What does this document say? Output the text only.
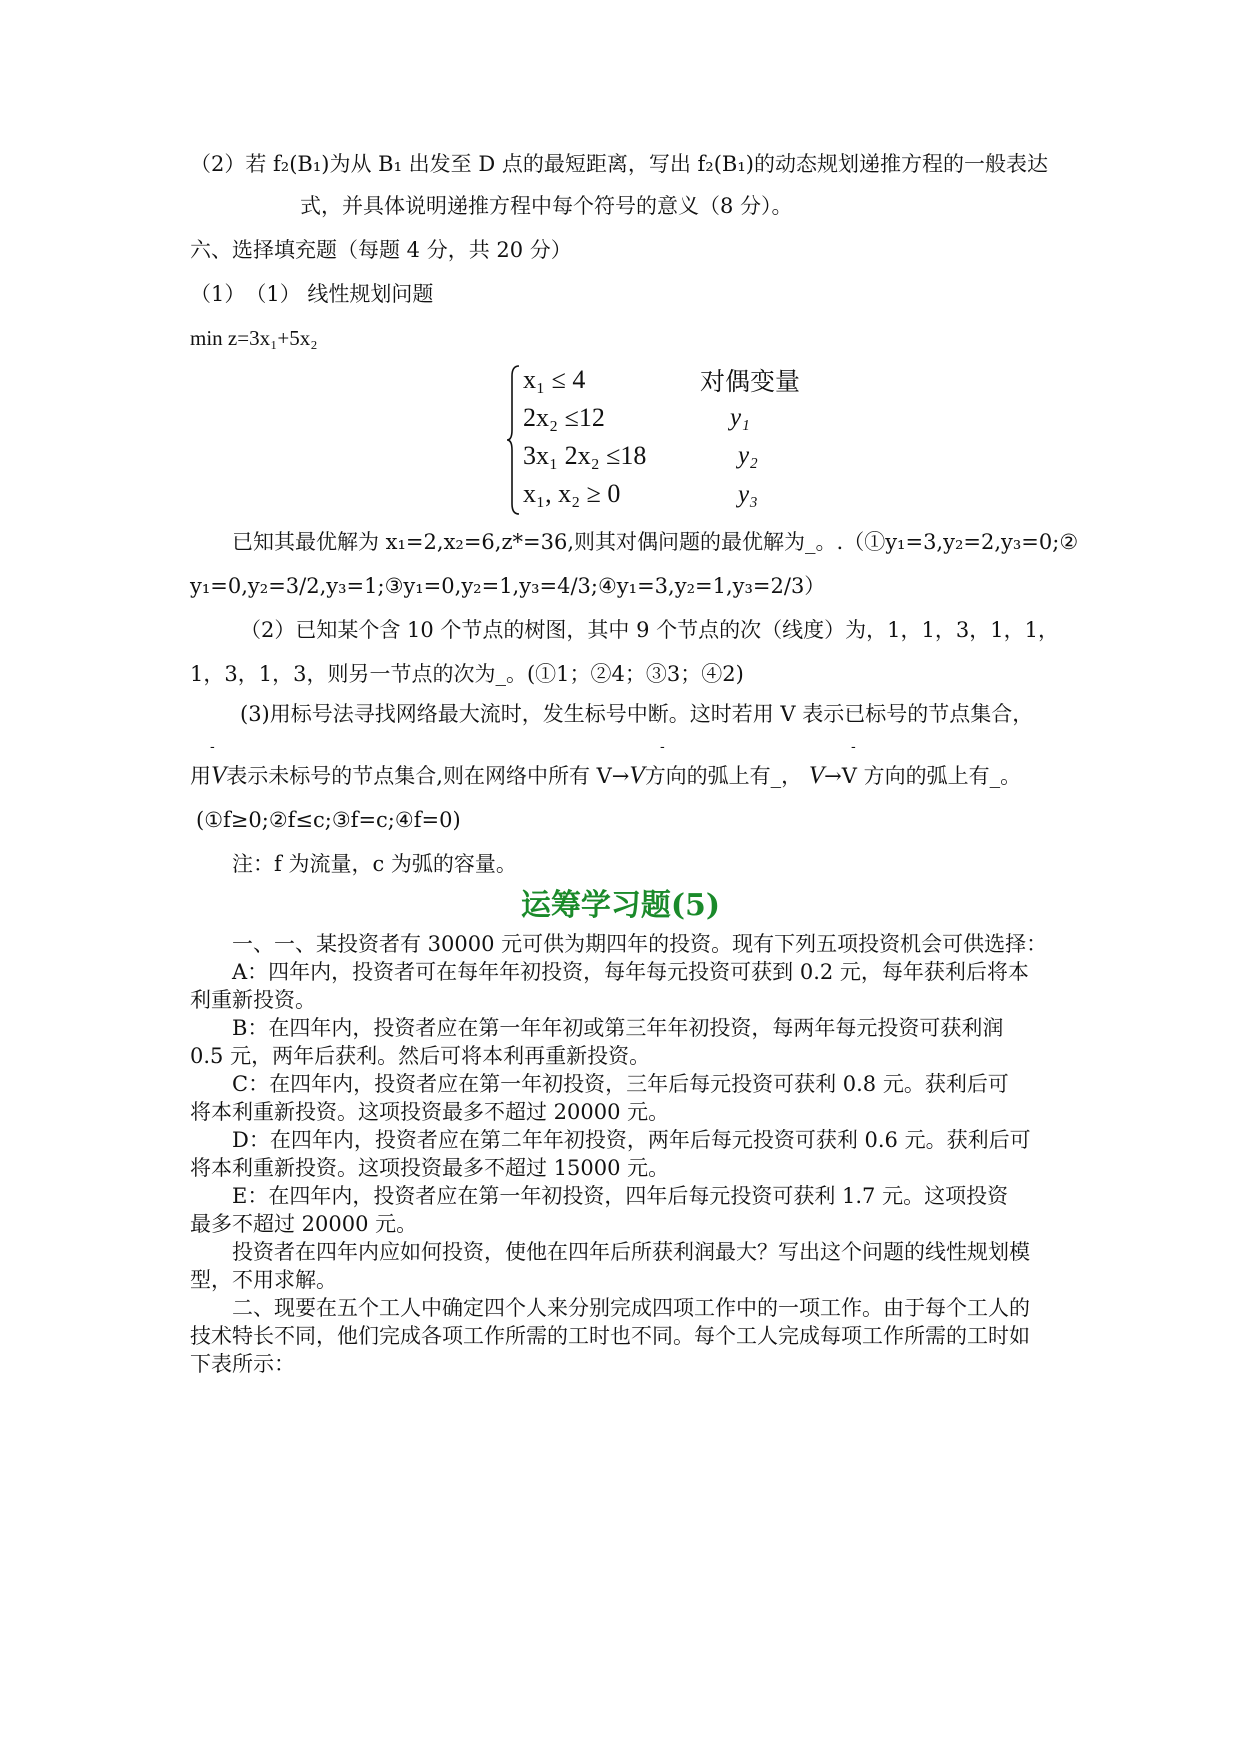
（2）若 f₂(B₁)为从 B₁ 出发至 D 点的最短距离，写出 f₂(B₁)的动态规划递推方程的一般表达
式，并具体说明递推方程中每个符号的意义（8 分）。
六、选择填充题（每题 4 分，共 20 分）
（1）　（1） 线性规划问题
min z=3x₁+5x₂
x₁ ≤ 4
2x₂ ≤12
3x₁ 2x₂ ≤18
x₁, x₂ ≥ 0
对偶变量
y₁
y₂
y₃
已知其最优解为 x₁=2,x₂=6,z*=36,则其对偶问题的最优解为_。.（①y₁=3,y₂=2,y₃=0;②
y₁=0,y₂=3/2,y₃=1;③y₁=0,y₂=1,y₃=4/3;④y₁=3,y₂=1,y₃=2/3）
（2）已知某个含 10 个节点的树图，其中 9 个节点的次（线度）为，1，1，3，1，1，
1，3，1，3，则另一节点的次为_。(①1；②4；③3；④2)
(3)用标号法寻找网络最大流时，发生标号中断。这时若用 V 表示已标号的节点集合，
-	-	-
用V表示未标号的节点集合,则在网络中所有 V→V方向的弧上有_， V→V 方向的弧上有_。
(①f≥0;②f≤c;③f=c;④f=0)
注：f 为流量，c 为弧的容量。
运筹学习题(5)
一、一、某投资者有 30000 元可供为期四年的投资。现有下列五项投资机会可供选择：
A：四年内，投资者可在每年年初投资，每年每元投资可获到 0.2 元，每年获利后将本
利重新投资。
B：在四年内，投资者应在第一年年初或第三年年初投资，每两年每元投资可获利润
0.5 元，两年后获利。然后可将本利再重新投资。
C：在四年内，投资者应在第一年初投资，三年后每元投资可获利 0.8 元。获利后可
将本利重新投资。这项投资最多不超过 20000 元。
D：在四年内，投资者应在第二年年初投资，两年后每元投资可获利 0.6 元。获利后可
将本利重新投资。这项投资最多不超过 15000 元。
E：在四年内，投资者应在第一年初投资，四年后每元投资可获利 1.7 元。这项投资
最多不超过 20000 元。
投资者在四年内应如何投资，使他在四年后所获利润最大？写出这个问题的线性规划模
型，不用求解。
二、现要在五个工人中确定四个人来分别完成四项工作中的一项工作。由于每个工人的
技术特长不同，他们完成各项工作所需的工时也不同。每个工人完成每项工作所需的工时如
下表所示：
